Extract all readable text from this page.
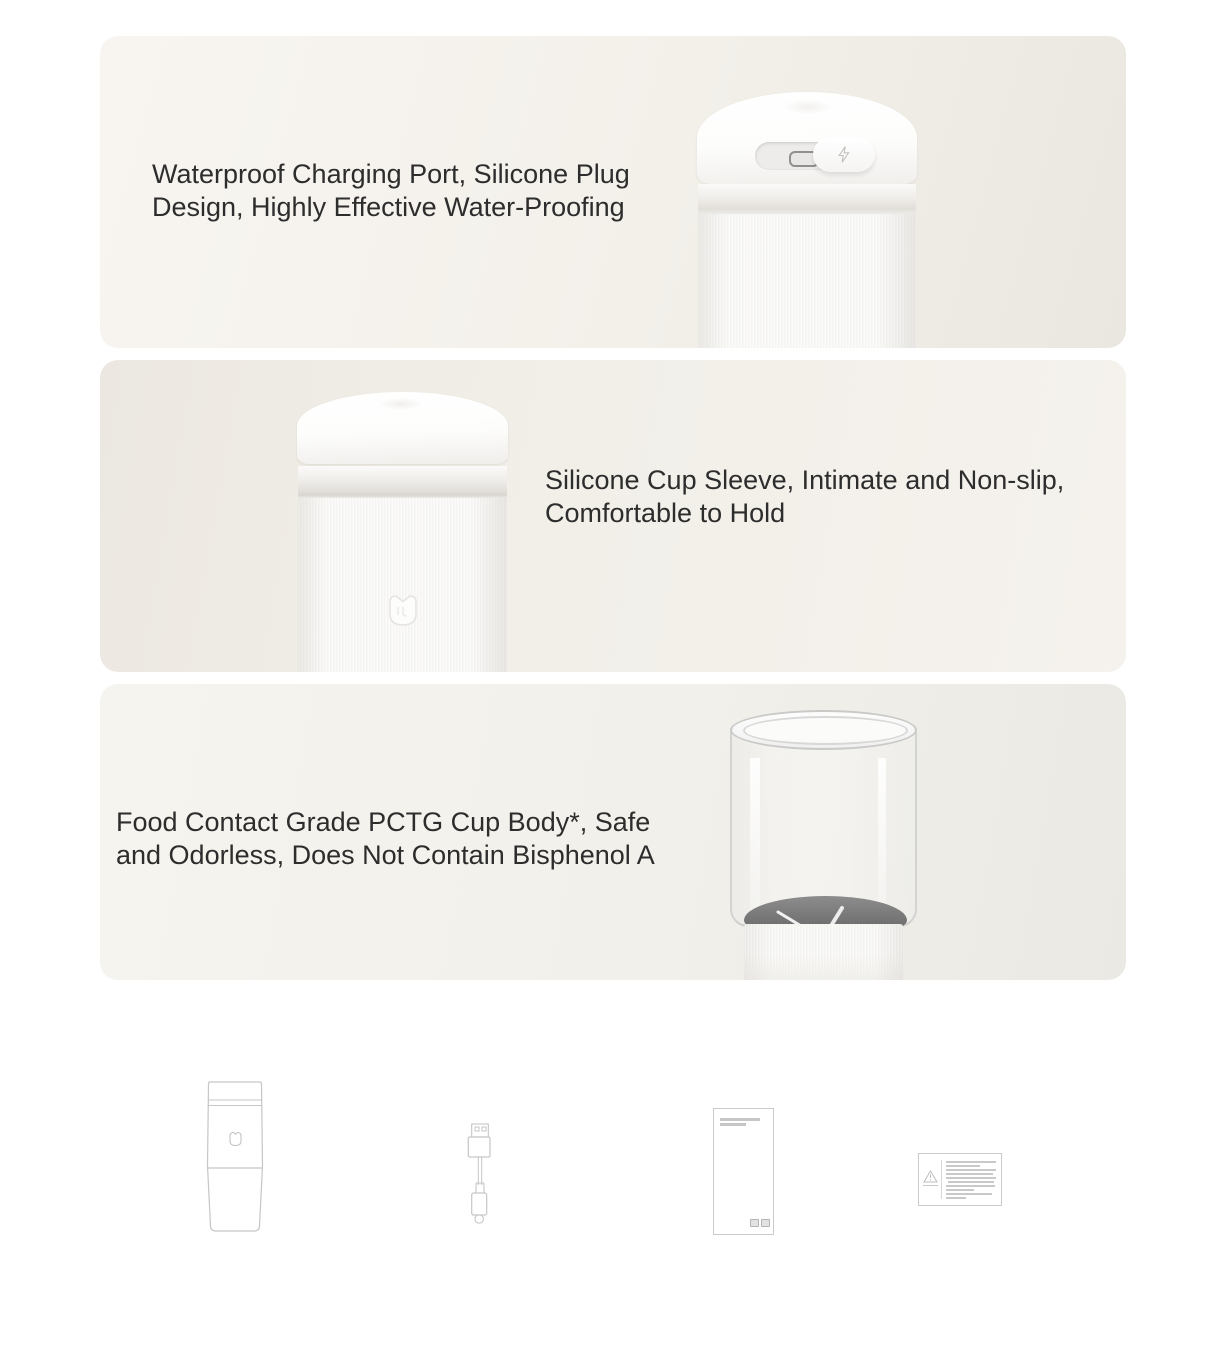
Waterproof Charging Port, Silicone Plug
Design, Highly Effective Water-Proofing
Silicone Cup Sleeve, Intimate and Non-slip,
Comfortable to Hold
Food Contact Grade PCTG Cup Body*, Safe
and Odorless, Does Not Contain Bisphenol A
